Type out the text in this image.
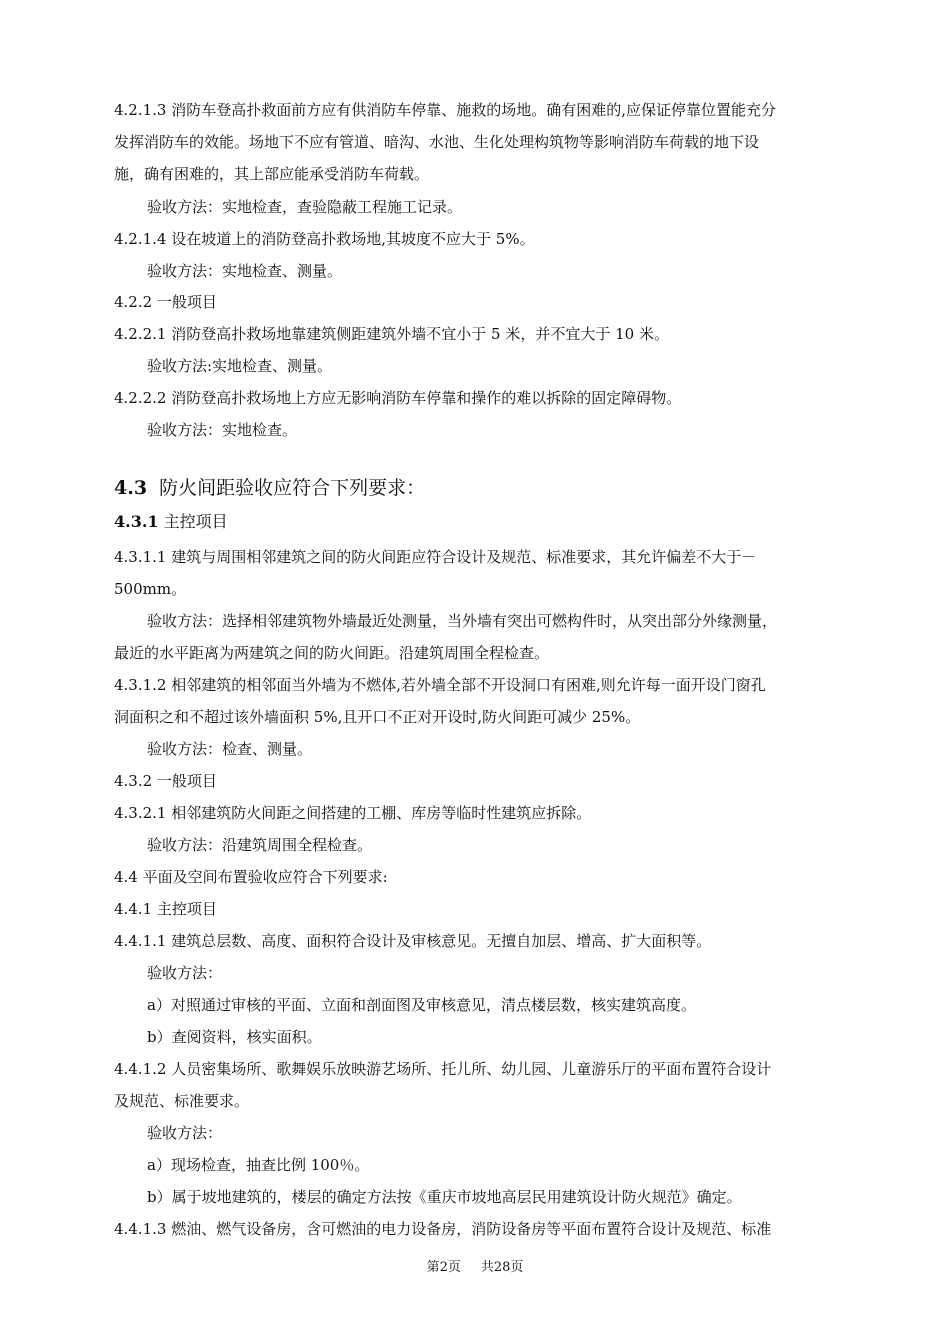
4.2.1.3 消防车登高扑救面前方应有供消防车停靠、施救的场地。确有困难的,应保证停靠位置能充分
发挥消防车的效能。场地下不应有管道、暗沟、水池、生化处理构筑物等影响消防车荷载的地下设
施，确有困难的，其上部应能承受消防车荷载。
验收方法：实地检查，查验隐蔽工程施工记录。
4.2.1.4 设在坡道上的消防登高扑救场地,其坡度不应大于 5%。
验收方法：实地检查、测量。
4.2.2 一般项目
4.2.2.1 消防登高扑救场地靠建筑侧距建筑外墙不宜小于 5 米，并不宜大于 10 米。
验收方法:实地检查、测量。
4.2.2.2 消防登高扑救场地上方应无影响消防车停靠和操作的难以拆除的固定障碍物。
验收方法：实地检查。
4.3 防火间距验收应符合下列要求：
4.3.1 主控项目
4.3.1.1 建筑与周围相邻建筑之间的防火间距应符合设计及规范、标准要求，其允许偏差不大于－
500mm。
验收方法：选择相邻建筑物外墙最近处测量，当外墙有突出可燃构件时，从突出部分外缘测量，
最近的水平距离为两建筑之间的防火间距。沿建筑周围全程检查。
4.3.1.2 相邻建筑的相邻面当外墙为不燃体,若外墙全部不开设洞口有困难,则允许每一面开设门窗孔
洞面积之和不超过该外墙面积 5%,且开口不正对开设时,防火间距可减少 25%。
验收方法：检查、测量。
4.3.2 一般项目
4.3.2.1 相邻建筑防火间距之间搭建的工棚、库房等临时性建筑应拆除。
验收方法：沿建筑周围全程检查。
4.4 平面及空间布置验收应符合下列要求:
4.4.1 主控项目
4.4.1.1 建筑总层数、高度、面积符合设计及审核意见。无擅自加层、增高、扩大面积等。
验收方法：
a）对照通过审核的平面、立面和剖面图及审核意见，清点楼层数，核实建筑高度。
b）查阅资料，核实面积。
4.4.1.2 人员密集场所、歌舞娱乐放映游艺场所、托儿所、幼儿园、儿童游乐厅的平面布置符合设计
及规范、标准要求。
验收方法：
a）现场检查，抽查比例 100％。
b）属于坡地建筑的，楼层的确定方法按《重庆市坡地高层民用建筑设计防火规范》确定。
4.4.1.3 燃油、燃气设备房，含可燃油的电力设备房，消防设备房等平面布置符合设计及规范、标准
第2页 共28页
